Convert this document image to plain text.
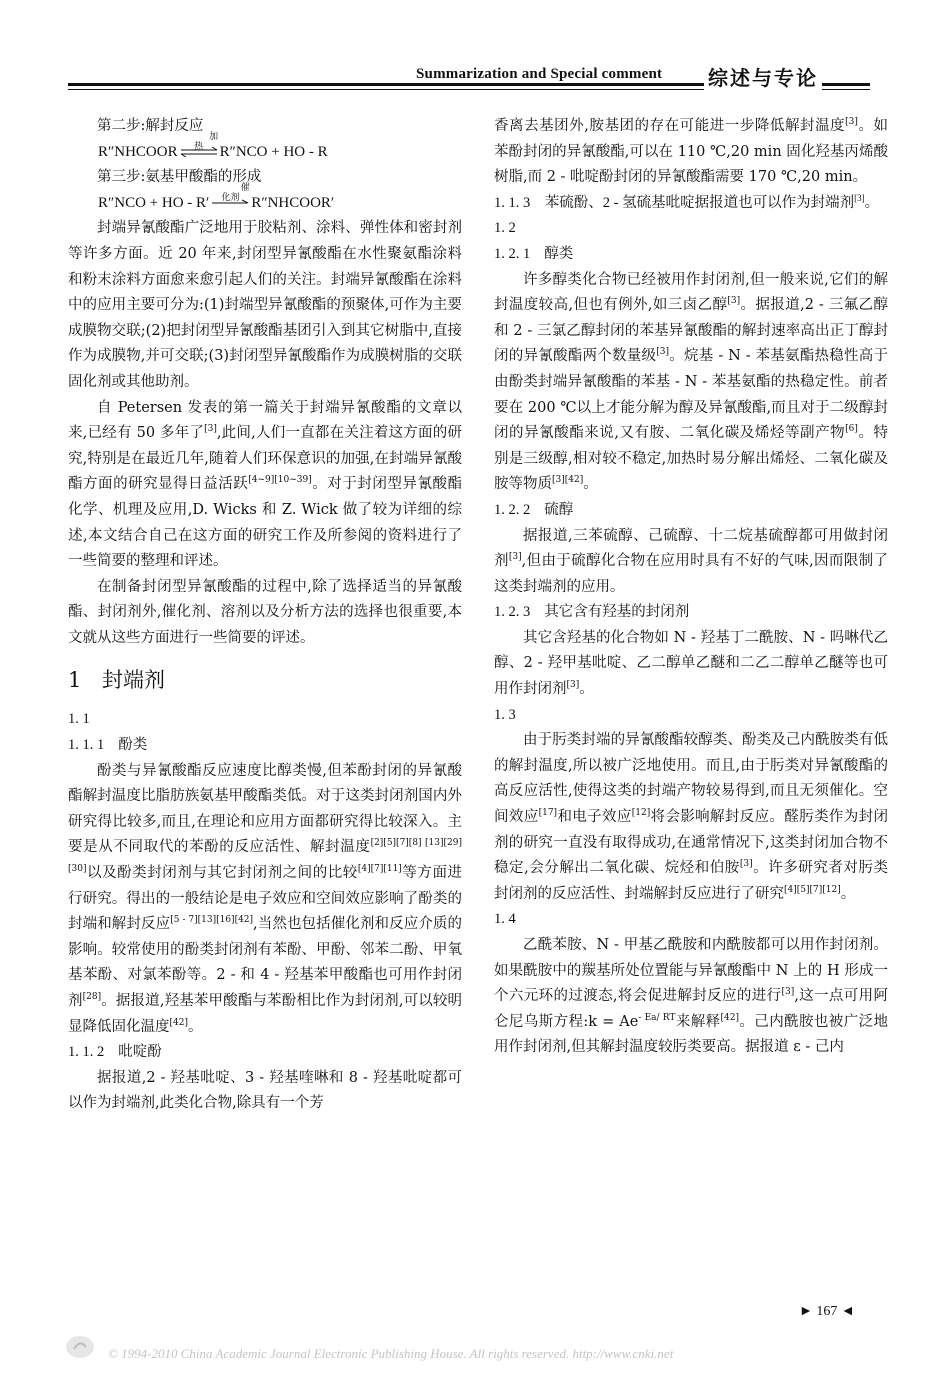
Summarization and Special comment	综述与专论

第二步:解封反应

R″NHCOOR
加热	R″NCO + HO - R

第三步:氨基甲酸酯的形成

R″NCO + HO - R′
催化剂 R″NHCOOR′

封端异氰酸酯广泛地用于胶粘剂、涂料、弹性体和密封剂等许多方面。近 20 年来,封闭型异氰酸酯在水性聚氨酯涂料和粉末涂料方面愈来愈引起人们的关注。封端异氰酸酯在涂料中的应用主要可分为:(1)封端型异氰酸酯的预聚体,可作为主要成膜物交联;(2)把封闭型异氰酸酯基团引入到其它树脂中,直接作为成膜物,并可交联;(3)封闭型异氰酸酯作为成膜树脂的交联固化剂或其他助剂。

自 Petersen 发表的第一篇关于封端异氰酸酯的文章以来,已经有 50 多年了[3],此间,人们一直都在关注着这方面的研究,特别是在最近几年,随着人们环保意识的加强,在封端异氰酸酯方面的研究显得日益活跃[4~9][10~39]。对于封闭型异氰酸酯化学、机理及应用,D. Wicks 和 Z. Wick 做了较为详细的综述,本文结合自己在这方面的研究工作及所参阅的资料进行了一些简要的整理和评述。

在制备封闭型异氰酸酯的过程中,除了选择适当的异氰酸酯、封闭剂外,催化剂、溶剂以及分析方法的选择也很重要,本文就从这些方面进行一些简要的评述。

1 封端剂

1. 1

1. 1. 1 酚类

酚类与异氰酸酯反应速度比醇类慢,但苯酚封闭的异氰酸酯解封温度比脂肪族氨基甲酸酯类低。对于这类封闭剂国内外研究得比较多,而且,在理论和应用方面都研究得比较深入。主要是从不同取代的苯酚的反应活性、解封温度[2][5][7][8] [13][29][30]以及酚类封闭剂与其它封闭剂之间的比较[4][7][11]等方面进行研究。得出的一般结论是电子效应和空间效应影响了酚类的封端和解封反应[5 - 7][13][16][42],当然也包括催化剂和反应介质的影响。较常使用的酚类封闭剂有苯酚、甲酚、邻苯二酚、甲氧基苯酚、对氯苯酚等。2 - 和 4 - 羟基苯甲酸酯也可用作封闭剂[28]。据报道,羟基苯甲酸酯与苯酚相比作为封闭剂,可以较明显降低固化温度[42]。

1. 1. 2 吡啶酚

据报道,2 - 羟基吡啶、3 - 羟基喹啉和 8 - 羟基吡啶都可以作为封端剂,此类化合物,除具有一个芳

香离去基团外,胺基团的存在可能进一步降低解封温度[3]。如苯酚封闭的异氰酸酯,可以在 110 ℃,20 min 固化羟基丙烯酸树脂,而 2 - 吡啶酚封闭的异氰酸酯需要 170 ℃,20 min。

1. 1. 3　苯硫酚、2 - 氢硫基吡啶据报道也可以作为封端剂[3]。

1. 2

1. 2. 1 醇类

许多醇类化合物已经被用作封闭剂,但一般来说,它们的解封温度较高,但也有例外,如三卤乙醇[3]。据报道,2 - 三氟乙醇和 2 - 三氯乙醇封闭的苯基异氰酸酯的解封速率高出正丁醇封闭的异氰酸酯两个数量级[3]。烷基 - N - 苯基氨酯热稳性高于由酚类封端异氰酸酯的苯基 - N - 苯基氨酯的热稳定性。前者要在 200 ℃以上才能分解为醇及异氰酸酯,而且对于二级醇封闭的异氰酸酯来说,又有胺、二氧化碳及烯烃等副产物[6]。特别是三级醇,相对较不稳定,加热时易分解出烯烃、二氧化碳及胺等物质[3][42]。

1. 2. 2 硫醇

据报道,三苯硫醇、己硫醇、十二烷基硫醇都可用做封闭剂[3],但由于硫醇化合物在应用时具有不好的气味,因而限制了这类封端剂的应用。

1. 2. 3 其它含有羟基的封闭剂

其它含羟基的化合物如 N - 羟基丁二酰胺、N - 吗啉代乙醇、2 - 羟甲基吡啶、乙二醇单乙醚和二乙二醇单乙醚等也可用作封闭剂[3]。

1. 3

由于肟类封端的异氰酸酯较醇类、酚类及己内酰胺类有低的解封温度,所以被广泛地使用。而且,由于肟类对异氰酸酯的高反应活性,使得这类的封端产物较易得到,而且无须催化。空间效应[17]和电子效应[12]将会影响解封反应。醛肟类作为封闭剂的研究一直没有取得成功,在通常情况下,这类封闭加合物不稳定,会分解出二氧化碳、烷烃和伯胺[3]。许多研究者对肟类封闭剂的反应活性、封端解封反应进行了研究[4][5][7][12]。

1. 4

乙酰苯胺、N - 甲基乙酰胺和内酰胺都可以用作封闭剂。如果酰胺中的羰基所处位置能与异氰酸酯中 N 上的 H 形成一个六元环的过渡态,将会促进解封反应的进行[3],这一点可用阿仑尼乌斯方程:k = $Ae^{- Ea/ RT}$来解释[42]。己内酰胺也被广泛地用作封闭剂,但其解封温度较肟类要高。据报道 ε - 己内

► 167 ◄
© 1994-2010 China Academic Journal Electronic Publishing House. All rights reserved. http://www.cnki.net
